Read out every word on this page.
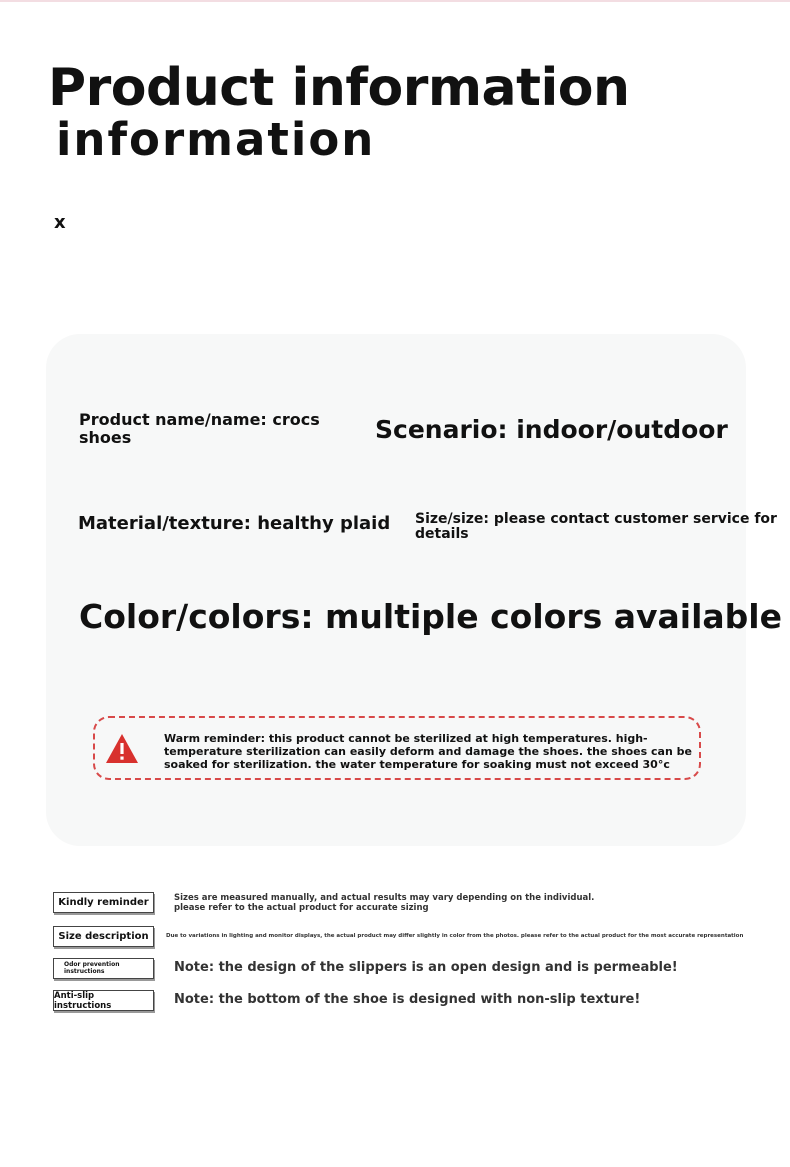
Product information
information
x
Product name/name: crocs shoes	Scenario: indoor/outdoor
Material/texture: healthy plaid Size/size: please contact customer service for details
Color/colors: multiple colors available
Warm reminder: this product cannot be sterilized at high temperatures. high-temperature sterilization can easily deform and damage the shoes. the shoes can be soaked for sterilization. the water temperature for soaking must not exceed 30°c
Kindly reminder	Sizes are measured manually, and actual results may vary depending on the individual. please refer to the actual product for accurate sizing
Size description	Due to variations in lighting and monitor displays, the actual product may differ slightly in color from the photos. please refer to the actual product for the most accurate representation
Odor prevention instructions	Note: the design of the slippers is an open design and is permeable!
Anti-slip instructions	Note: the bottom of the shoe is designed with non-slip texture!
